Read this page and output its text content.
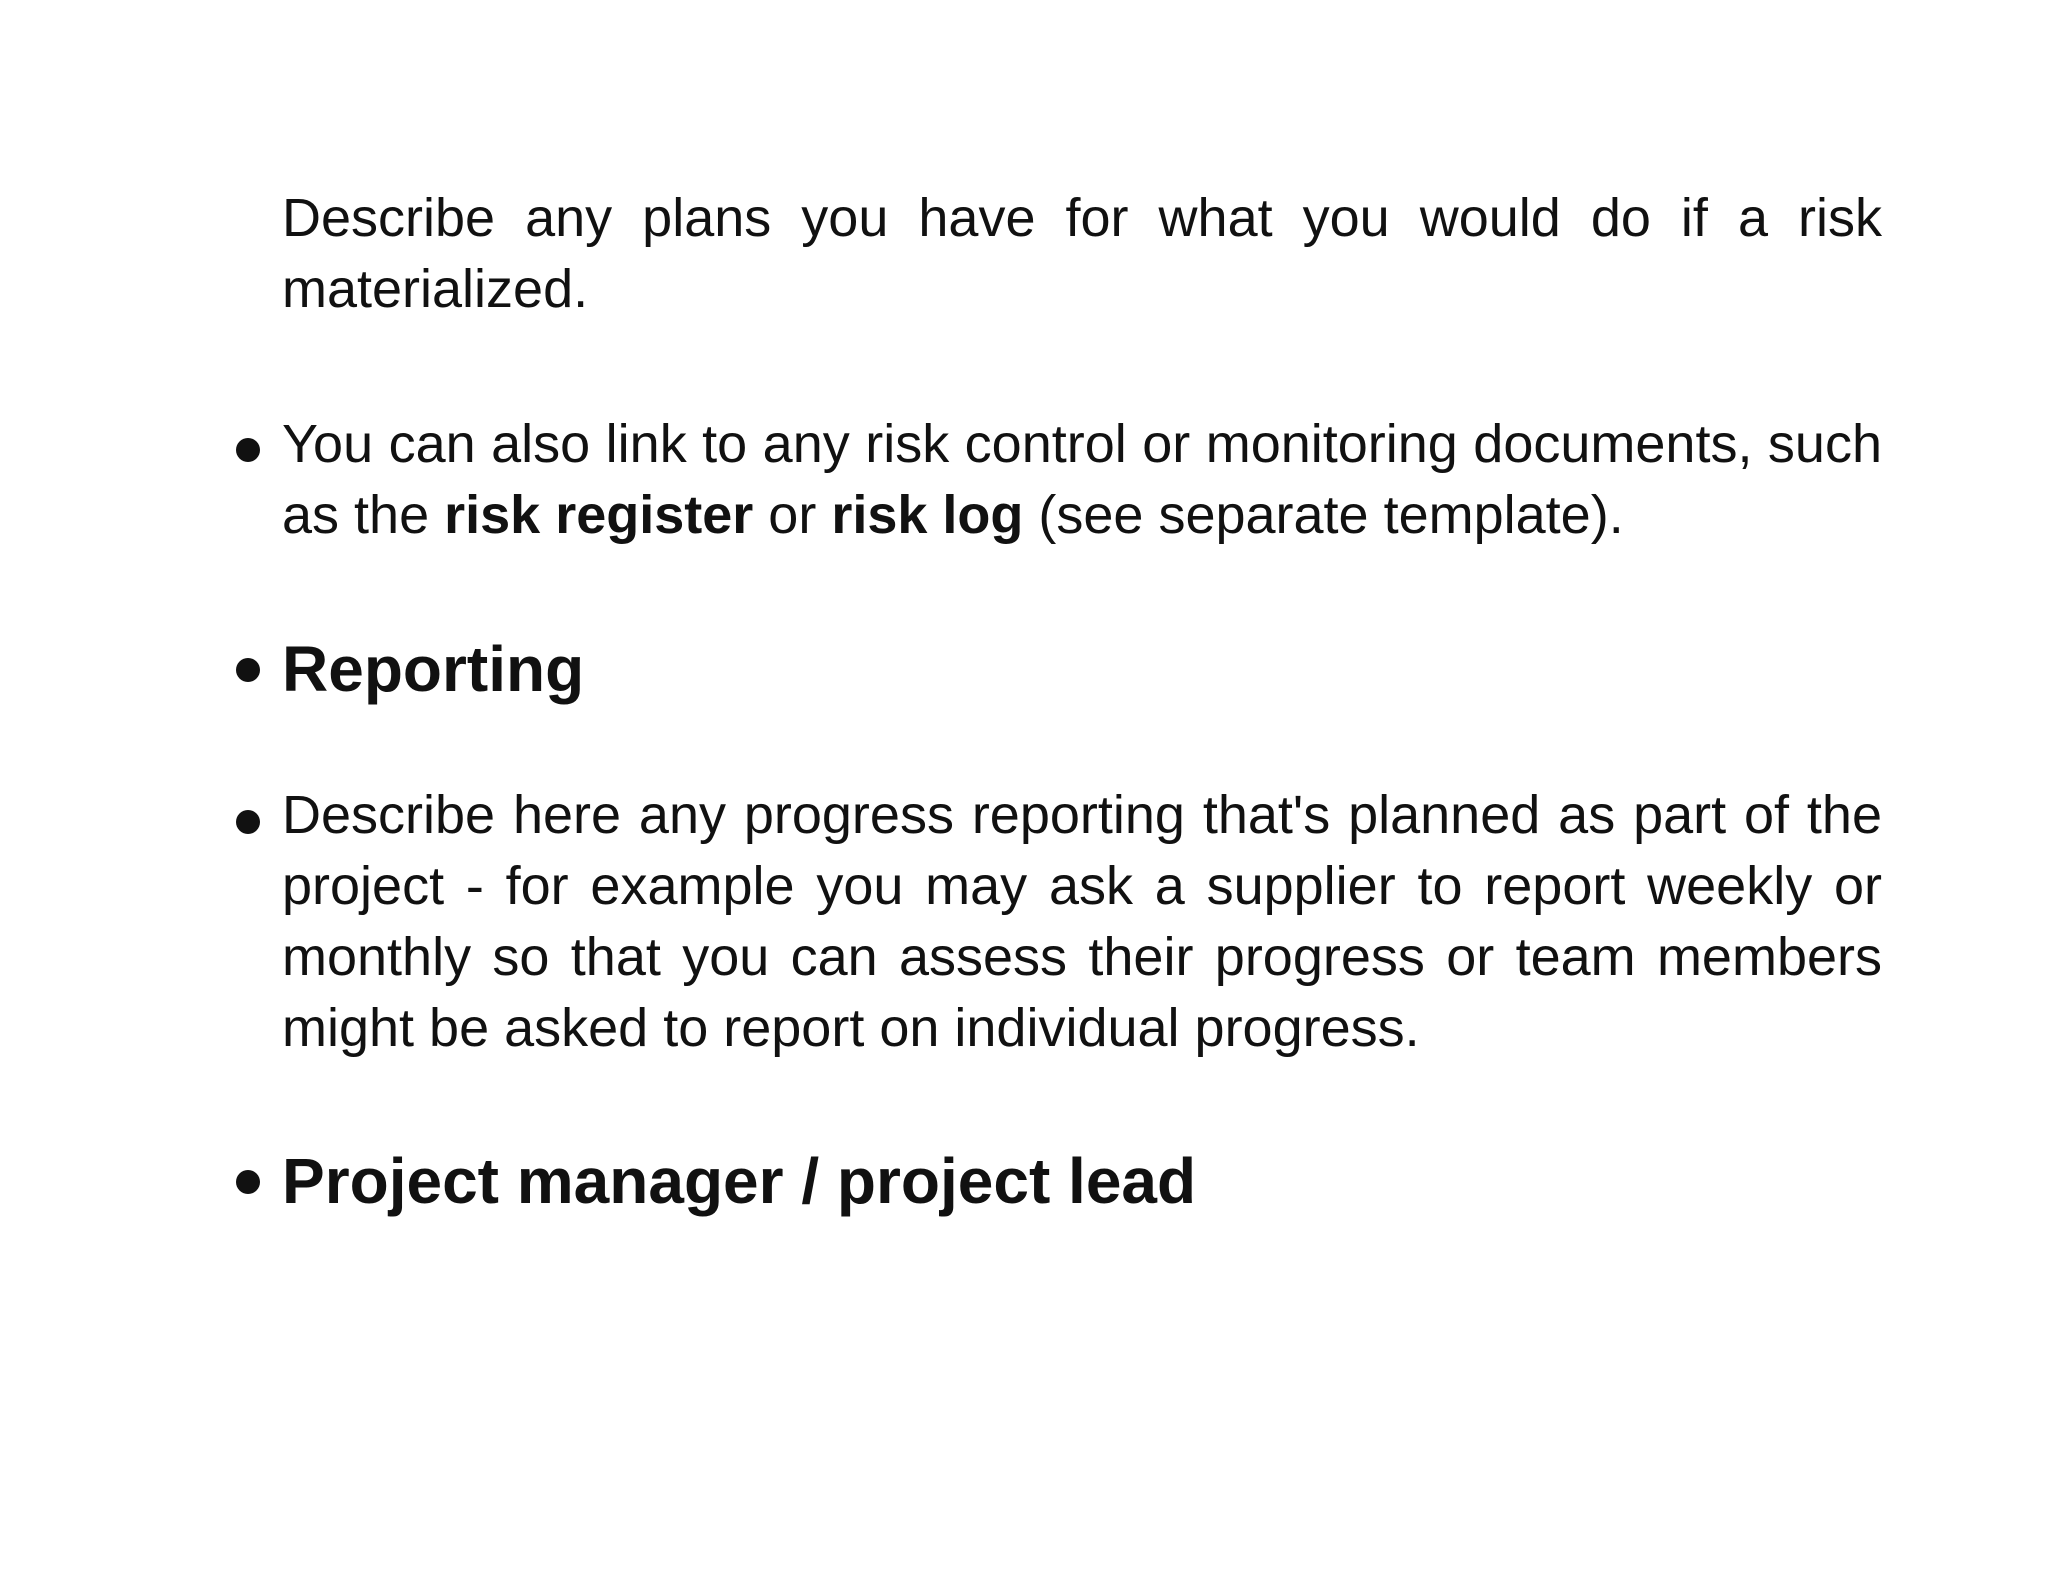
Describe any plans you have for what you would do if a risk materialized.

You can also link to any risk control or monitoring documents, such as the risk register or risk log (see separate template).

Reporting

Describe here any progress reporting that's planned as part of the project - for example you may ask a supplier to report weekly or monthly so that you can assess their progress or team members might be asked to report on individual progress.

Project manager / project lead
